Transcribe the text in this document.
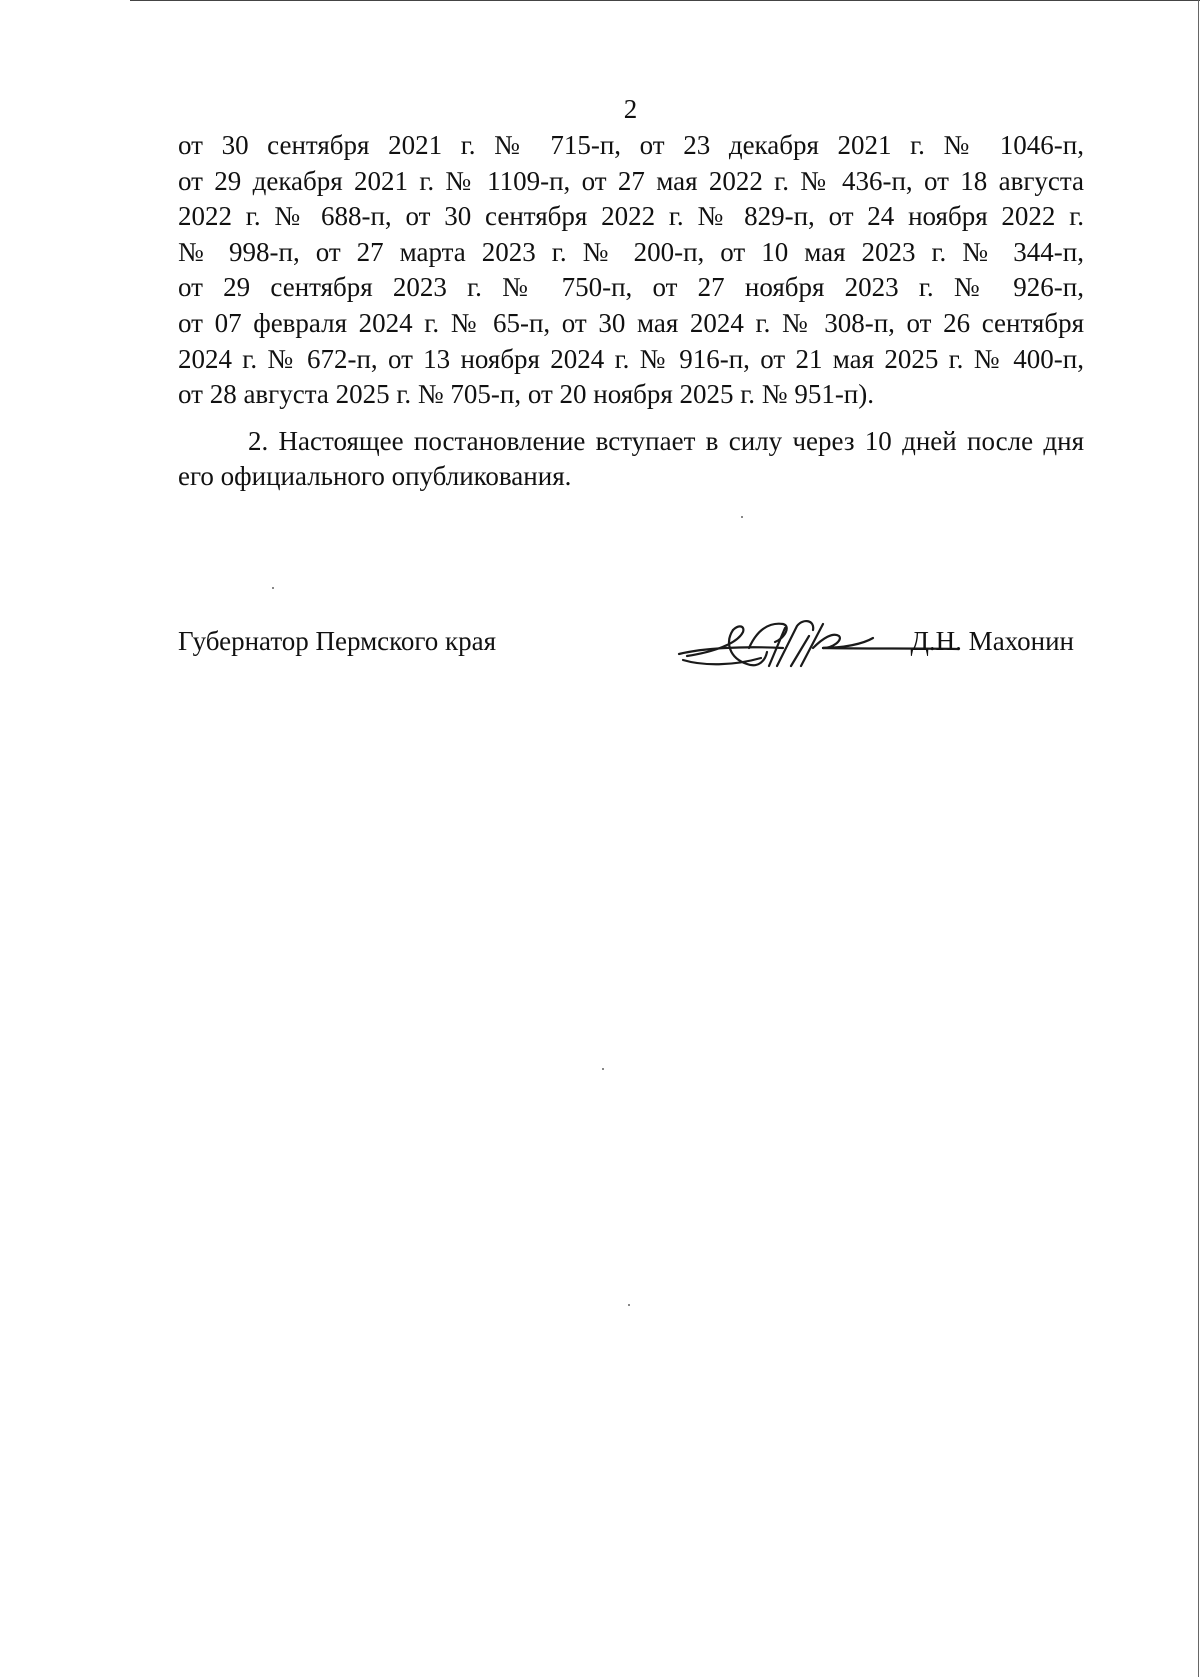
2
от 30 сентября 2021 г. № 715-п, от 23 декабря 2021 г. № 1046-п,
от 29 декабря 2021 г. № 1109-п, от 27 мая 2022 г. № 436-п, от 18 августа
2022 г. № 688-п, от 30 сентября 2022 г. № 829-п, от 24 ноября 2022 г.
№ 998-п, от 27 марта 2023 г. № 200-п, от 10 мая 2023 г. № 344-п,
от 29 сентября 2023 г. № 750-п, от 27 ноября 2023 г. № 926-п,
от 07 февраля 2024 г. № 65-п, от 30 мая 2024 г. № 308-п, от 26 сентября
2024 г. № 672-п, от 13 ноября 2024 г. № 916-п, от 21 мая 2025 г. № 400-п,
от 28 августа 2025 г. № 705-п, от 20 ноября 2025 г. № 951-п).
2. Настоящее постановление вступает в силу через 10 дней после дня
его официального опубликования.
Губернатор Пермского края	Д.Н. Махонин
